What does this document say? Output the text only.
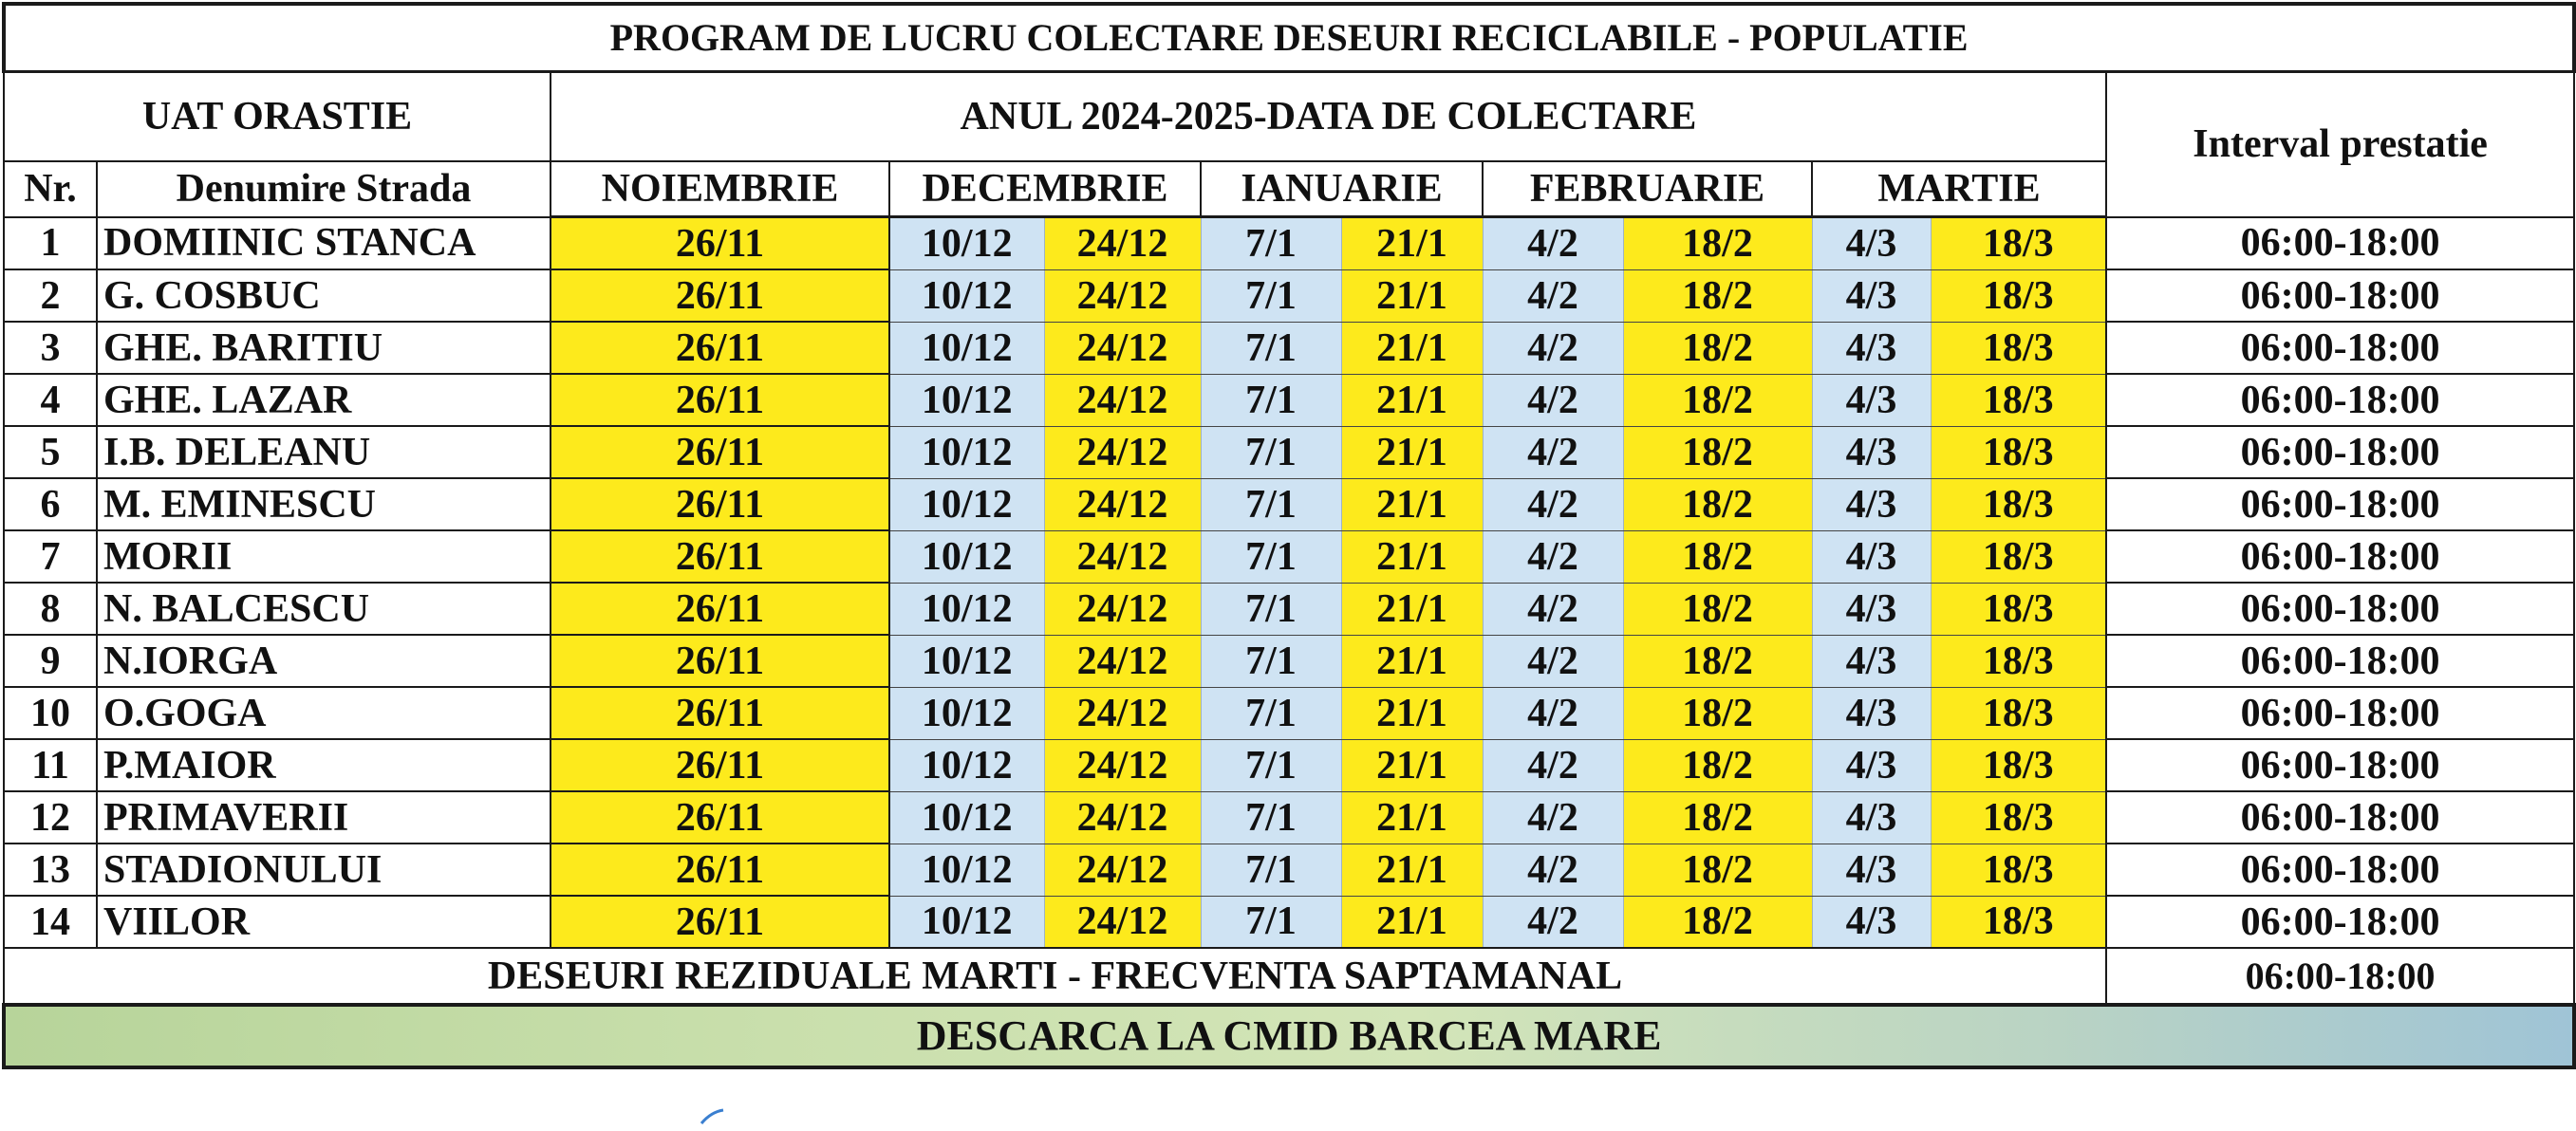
PROGRAM DE LUCRU COLECTARE DESEURI RECICLABILE - POPULATIE											
UAT ORASTIE		ANUL 2024-2025-DATA DE COLECTARE									Interval prestatie
Nr.	Denumire Strada	NOIEMBRIE	DECEMBRIE		IANUARIE		FEBRUARIE		MARTIE		
1	DOMIINIC STANCA	26/11	10/12	24/12	7/1	21/1	4/2	18/2	4/3	18/3	06:00-18:00
2	G. COSBUC	26/11	10/12	24/12	7/1	21/1	4/2	18/2	4/3	18/3	06:00-18:00
3	GHE. BARITIU	26/11	10/12	24/12	7/1	21/1	4/2	18/2	4/3	18/3	06:00-18:00
4	GHE. LAZAR	26/11	10/12	24/12	7/1	21/1	4/2	18/2	4/3	18/3	06:00-18:00
5	I.B. DELEANU	26/11	10/12	24/12	7/1	21/1	4/2	18/2	4/3	18/3	06:00-18:00
6	M. EMINESCU	26/11	10/12	24/12	7/1	21/1	4/2	18/2	4/3	18/3	06:00-18:00
7	MORII	26/11	10/12	24/12	7/1	21/1	4/2	18/2	4/3	18/3	06:00-18:00
8	N. BALCESCU	26/11	10/12	24/12	7/1	21/1	4/2	18/2	4/3	18/3	06:00-18:00
9	N.IORGA	26/11	10/12	24/12	7/1	21/1	4/2	18/2	4/3	18/3	06:00-18:00
10	O.GOGA	26/11	10/12	24/12	7/1	21/1	4/2	18/2	4/3	18/3	06:00-18:00
11	P.MAIOR	26/11	10/12	24/12	7/1	21/1	4/2	18/2	4/3	18/3	06:00-18:00
12	PRIMAVERII	26/11	10/12	24/12	7/1	21/1	4/2	18/2	4/3	18/3	06:00-18:00
13	STADIONULUI	26/11	10/12	24/12	7/1	21/1	4/2	18/2	4/3	18/3	06:00-18:00
14	VIILOR	26/11	10/12	24/12	7/1	21/1	4/2	18/2	4/3	18/3	06:00-18:00
DESEURI REZIDUALE MARTI - FRECVENTA SAPTAMANAL											06:00-18:00
DESCARCA LA CMID BARCEA MARE											
